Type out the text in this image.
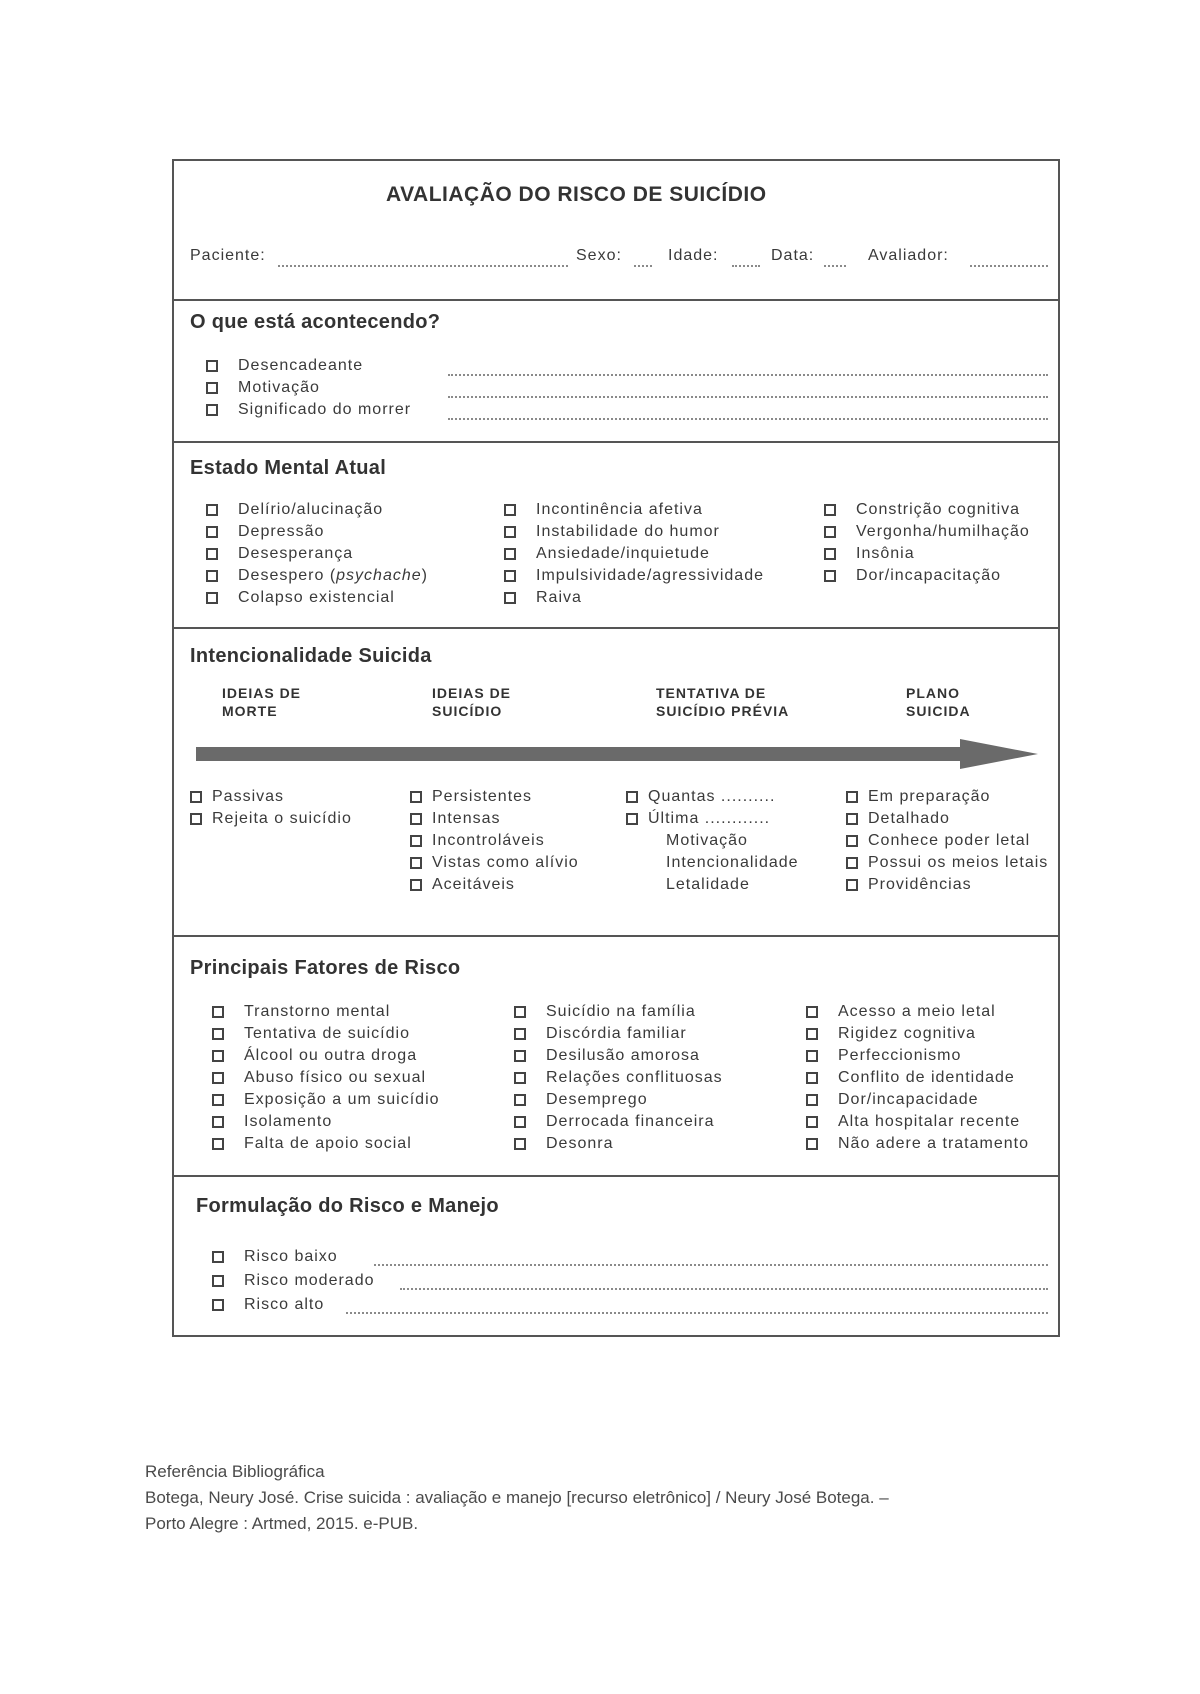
AVALIAÇÃO DO RISCO DE SUICÍDIO
Paciente:	Sexo:	Idade:	Data:	Avaliador:
O que está acontecendo?
Desencadeante
Motivação
Significado do morrer
Estado Mental Atual
Delírio/alucinação
Depressão
Desesperança
Desespero (psychache)
Colapso existencial
Incontinência afetiva
Instabilidade do humor
Ansiedade/inquietude
Impulsividade/agressividade
Raiva
Constrição cognitiva
Vergonha/humilhação
Insônia
Dor/incapacitação
Intencionalidade Suicida
IDEIAS DE
MORTE
IDEIAS DE
SUICÍDIO
TENTATIVA DE
SUICÍDIO PRÉVIA
PLANO
SUICIDA
Passivas
Rejeita o suicídio
Persistentes
Intensas
Incontroláveis
Vistas como alívio
Aceitáveis
Quantas ..........
Última ............
Motivação
Intencionalidade
Letalidade
Em preparação
Detalhado
Conhece poder letal
Possui os meios letais
Providências
Principais Fatores de Risco
Transtorno mental
Tentativa de suicídio
Álcool ou outra droga
Abuso físico ou sexual
Exposição a um suicídio
Isolamento
Falta de apoio social
Suicídio na família
Discórdia familiar
Desilusão amorosa
Relações conflituosas
Desemprego
Derrocada financeira
Desonra
Acesso a meio letal
Rigidez cognitiva
Perfeccionismo
Conflito de identidade
Dor/incapacidade
Alta hospitalar recente
Não adere a tratamento
Formulação do Risco e Manejo
Risco baixo
Risco moderado
Risco alto
Referência Bibliográfica
Botega, Neury José. Crise suicida : avaliação e manejo [recurso eletrônico] / Neury José Botega. –
Porto Alegre : Artmed, 2015. e-PUB.
